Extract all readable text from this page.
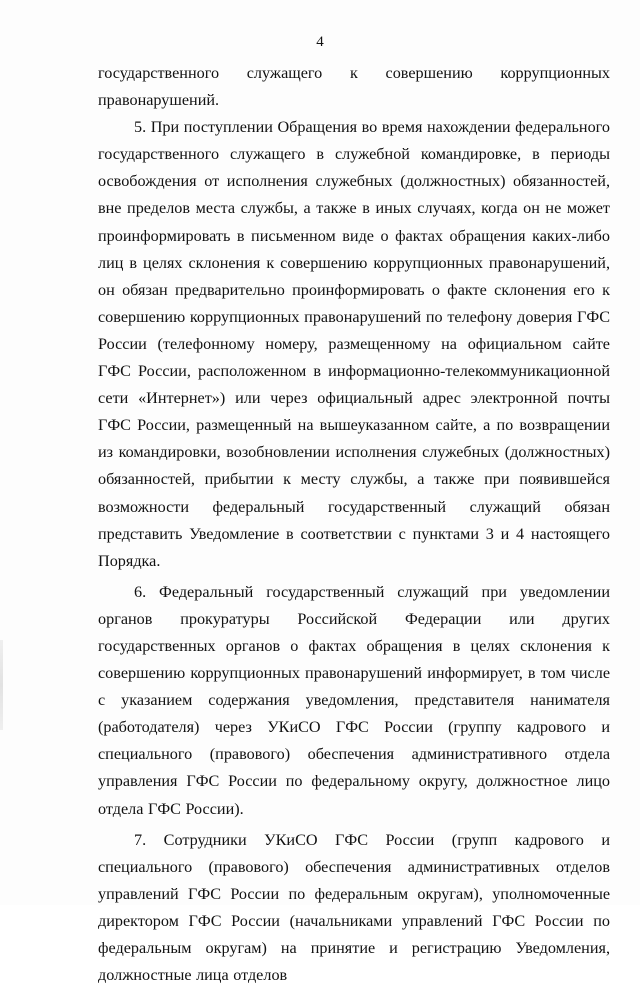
4

государственного служащего к совершению коррупционных правонарушений.

5. При поступлении Обращения во время нахождении федерального государственного служащего в служебной командировке, в периоды освобождения от исполнения служебных (должностных) обязанностей, вне пределов места службы, а также в иных случаях, когда он не может проинформировать в письменном виде о фактах обращения каких-либо лиц в целях склонения к совершению коррупционных правонарушений, он обязан предварительно проинформировать о факте склонения его к совершению коррупционных правонарушений по телефону доверия ГФС России (телефонному номеру, размещенному на официальном сайте ГФС России, расположенном в информационно-телекоммуникационной сети «Интернет») или через официальный адрес электронной почты ГФС России, размещенный на вышеуказанном сайте, а по возвращении из командировки, возобновлении исполнения служебных (должностных) обязанностей, прибытии к месту службы, а также при появившейся возможности федеральный государственный служащий обязан представить Уведомление в соответствии с пунктами 3 и 4 настоящего Порядка.

6. Федеральный государственный служащий при уведомлении органов прокуратуры Российской Федерации или других государственных органов о фактах обращения в целях склонения к совершению коррупционных правонарушений информирует, в том числе с указанием содержания уведомления, представителя нанимателя (работодателя) через УКиСО ГФС России (группу кадрового и специального (правового) обеспечения административного отдела управления ГФС России по федеральному округу, должностное лицо отдела ГФС России).

7. Сотрудники УКиСО ГФС России (групп кадрового и специального (правового) обеспечения административных отделов управлений ГФС России по федеральным округам), уполномоченные директором ГФС России (начальниками управлений ГФС России по федеральным округам) на принятие и регистрацию Уведомления, должностные лица отделов
